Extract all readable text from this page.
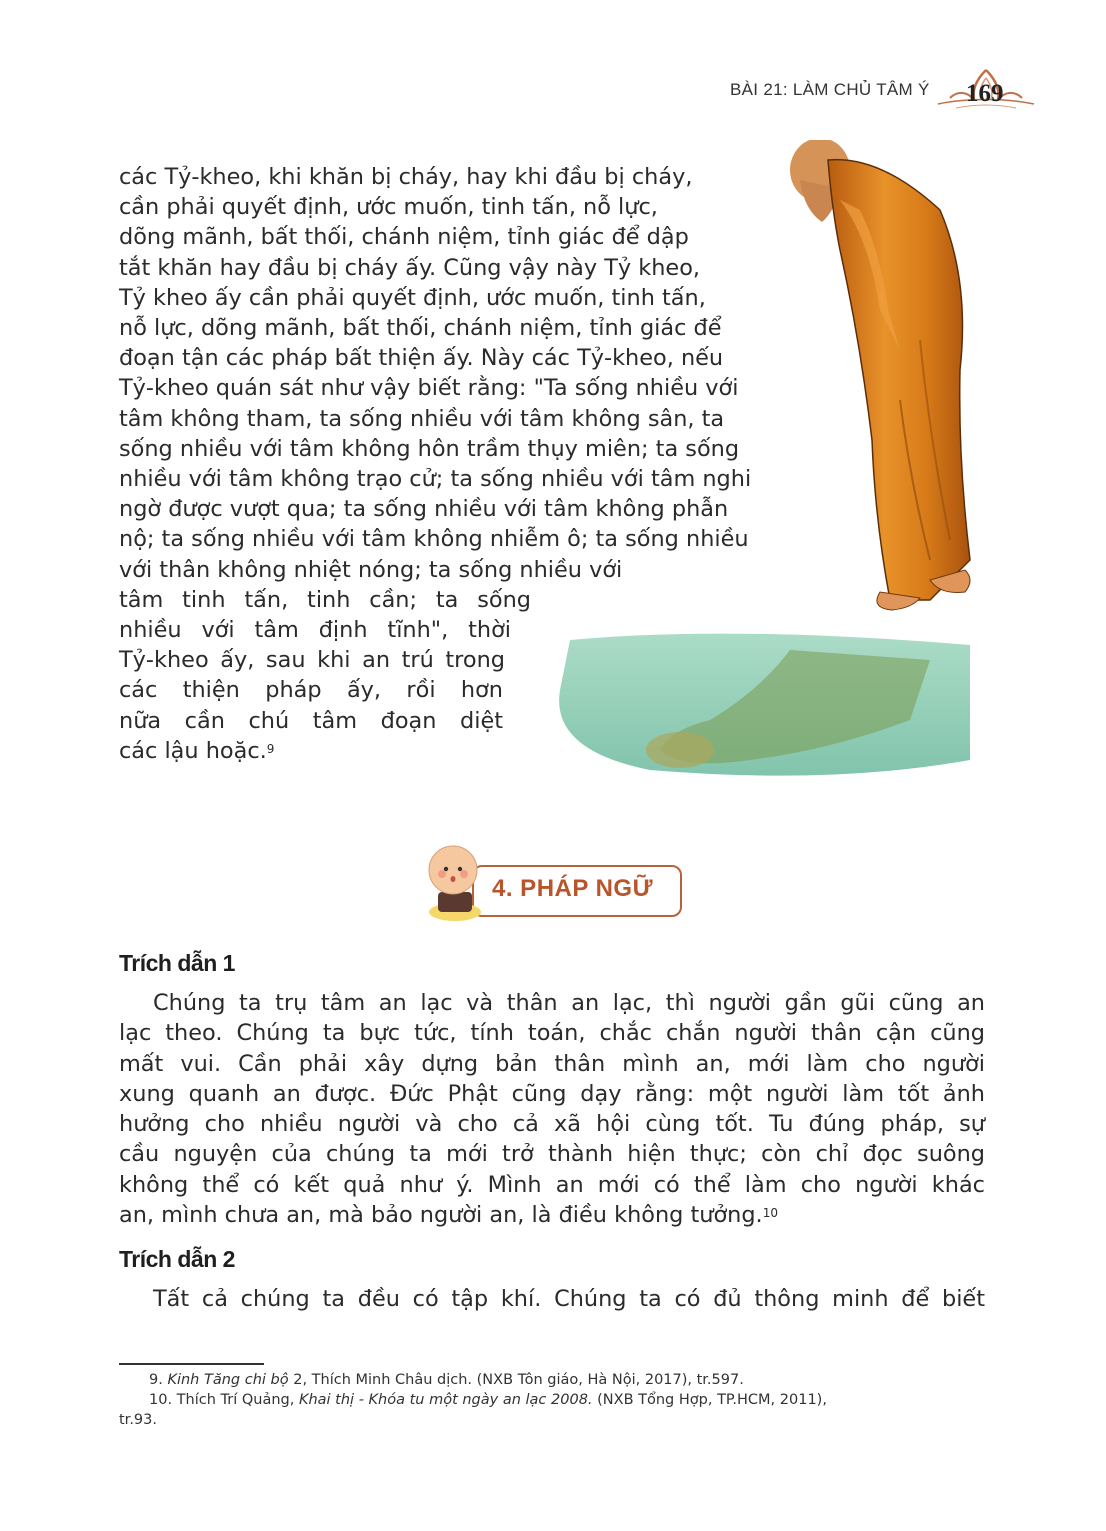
BÀI 21: LÀM CHỦ TÂM Ý 169
các Tỷ-kheo, khi khăn bị cháy, hay khi đầu bị cháy,
cần phải quyết định, ước muốn, tinh tấn, nỗ lực,
dõng mãnh, bất thối, chánh niệm, tỉnh giác để dập
tắt khăn hay đầu bị cháy ấy. Cũng vậy này Tỷ kheo,
Tỷ kheo ấy cần phải quyết định, ước muốn, tinh tấn,
nỗ lực, dõng mãnh, bất thối, chánh niệm, tỉnh giác để
đoạn tận các pháp bất thiện ấy. Này các Tỷ-kheo, nếu
Tỷ-kheo quán sát như vậy biết rằng: "Ta sống nhiều với
tâm không tham, ta sống nhiều với tâm không sân, ta
sống nhiều với tâm không hôn trầm thụy miên; ta sống
nhiều với tâm không trạo cử; ta sống nhiều với tâm nghi
ngờ được vượt qua; ta sống nhiều với tâm không phẫn
nộ; ta sống nhiều với tâm không nhiễm ô; ta sống nhiều
với thân không nhiệt nóng; ta sống nhiều với
tâm tinh tấn, tinh cần; ta sống
nhiều với tâm định tĩnh", thời
Tỷ-kheo ấy, sau khi an trú trong
các thiện pháp ấy, rồi hơn
nữa cần chú tâm đoạn diệt
các lậu hoặc.$^9$
4. PHÁP NGỮ
Trích dẫn 1
Chúng ta trụ tâm an lạc và thân an lạc, thì người gần gũi cũng an
lạc theo. Chúng ta bực tức, tính toán, chắc chắn người thân cận cũng
mất vui. Cần phải xây dựng bản thân mình an, mới làm cho người
xung quanh an được. Đức Phật cũng dạy rằng: một người làm tốt ảnh
hưởng cho nhiều người và cho cả xã hội cùng tốt. Tu đúng pháp, sự
cầu nguyện của chúng ta mới trở thành hiện thực; còn chỉ đọc suông
không thể có kết quả như ý. Mình an mới có thể làm cho người khác
an, mình chưa an, mà bảo người an, là điều không tưởng.$^{10}$
Trích dẫn 2
Tất cả chúng ta đều có tập khí. Chúng ta có đủ thông minh để biết
9. Kinh Tăng chi bộ 2, Thích Minh Châu dịch. (NXB Tôn giáo, Hà Nội, 2017), tr.597.
10. Thích Trí Quảng, Khai thị - Khóa tu một ngày an lạc 2008. (NXB Tổng Hợp, TP.HCM, 2011),
tr.93.
